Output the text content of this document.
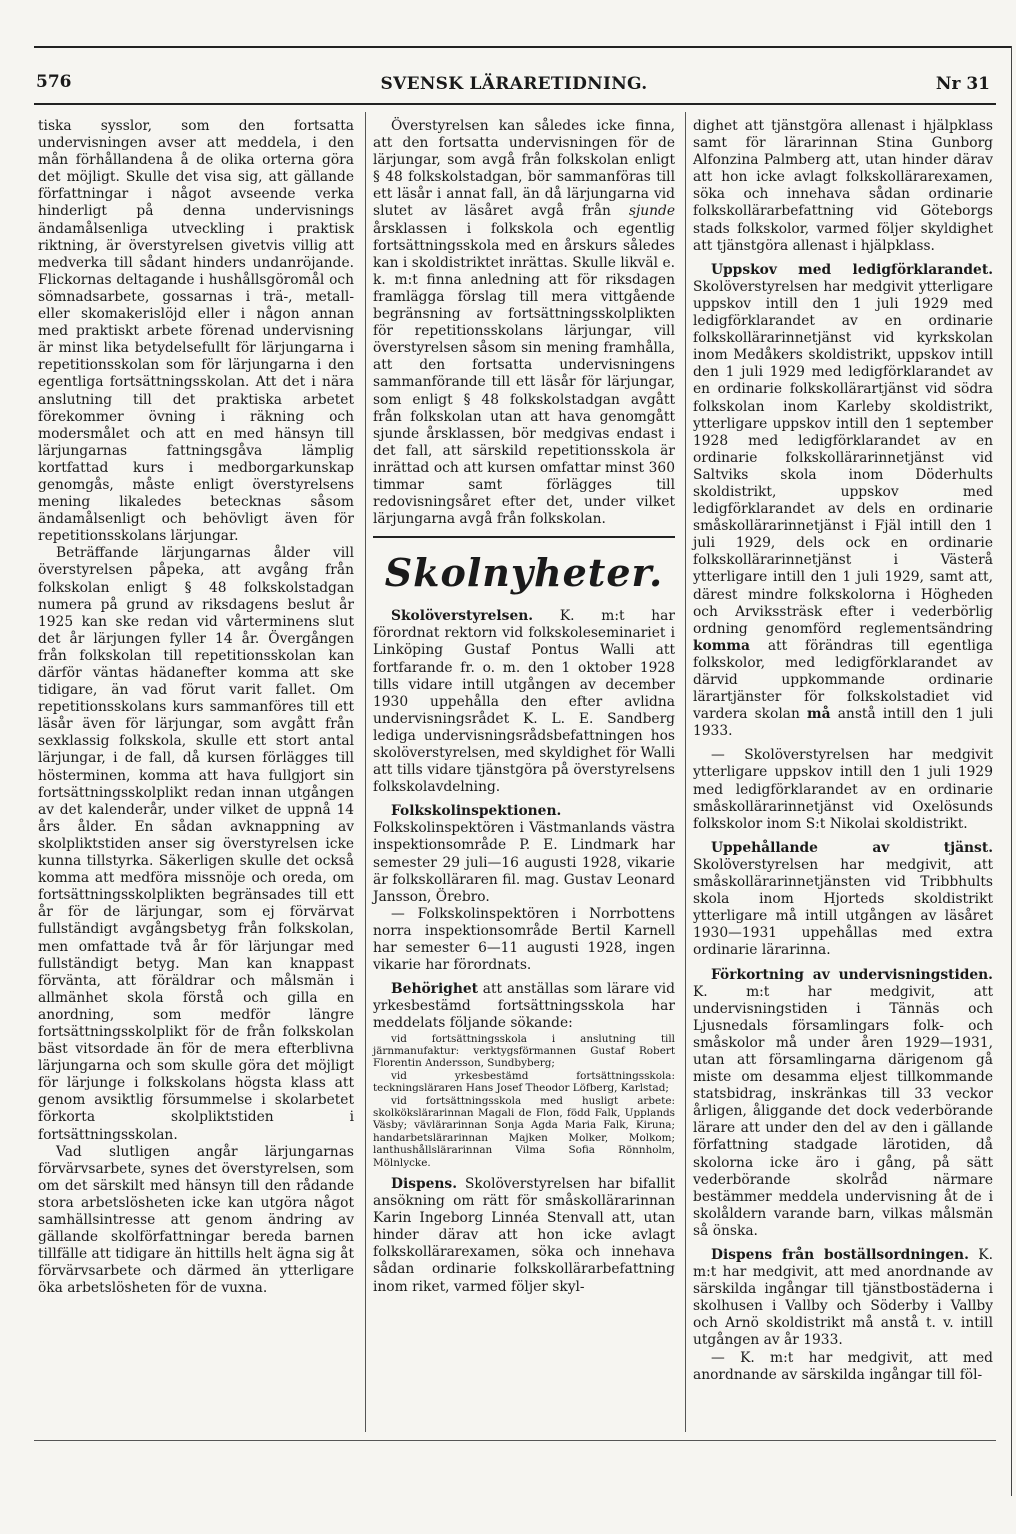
576	SVENSK LÄRARETIDNING.	Nr 31

tiska sysslor, som den fortsatta undervisningen avser att meddela, i den mån förhållandena å de olika orterna göra det möjligt. Skulle det visa sig, att gällande författningar i något avseende verka hinderligt på denna undervisnings ändamålsenliga utveckling i praktisk riktning, är överstyrelsen givetvis villig att medverka till sådant hinders undanröjande. Flickornas deltagande i hushållsgöromål och sömnadsarbete, gossarnas i trä-, metall- eller skomakerislöjd eller i någon annan med praktiskt arbete förenad undervisning är minst lika betydelsefullt för lärjungarna i repetitionsskolan som för lärjungarna i den egentliga fortsättningsskolan. Att det i nära anslutning till det praktiska arbetet förekommer övning i räkning och modersmålet och att en med hänsyn till lärjungarnas fattningsgåva lämplig kortfattad kurs i medborgarkunskap genomgås, måste enligt överstyrelsens mening likaledes betecknas såsom ändamålsenligt och behövligt även för repetitionsskolans lärjungar.

Beträffande lärjungarnas ålder vill överstyrelsen påpeka, att avgång från folkskolan enligt § 48 folkskolstadgan numera på grund av riksdagens beslut år 1925 kan ske redan vid vårterminens slut det år lärjungen fyller 14 år. Övergången från folkskolan till repetitionsskolan kan därför väntas hädanefter komma att ske tidigare, än vad förut varit fallet. Om repetitionsskolans kurs sammanföres till ett läsår även för lärjungar, som avgått från sexklassig folkskola, skulle ett stort antal lärjungar, i de fall, då kursen förlägges till hösterminen, komma att hava fullgjort sin fortsättningsskolplikt redan innan utgången av det kalenderår, under vilket de uppnå 14 års ålder. En sådan avknappning av skolpliktstiden anser sig överstyrelsen icke kunna tillstyrka. Säkerligen skulle det också komma att medföra missnöje och oreda, om fortsättningsskolplikten begränsades till ett år för de lärjungar, som ej förvärvat fullständigt avgångsbetyg från folkskolan, men omfattade två år för lärjungar med fullständigt betyg. Man kan knappast förvänta, att föräldrar och målsmän i allmänhet skola förstå och gilla en anordning, som medför längre fortsättningsskolplikt för de från folkskolan bäst vitsordade än för de mera efterblivna lärjungarna och som skulle göra det möjligt för lärjunge i folkskolans högsta klass att genom avsiktlig försummelse i skolarbetet förkorta skolpliktstiden i fortsättningsskolan.

Vad slutligen angår lärjungarnas förvärvsarbete, synes det överstyrelsen, som om det särskilt med hänsyn till den rådande stora arbetslösheten icke kan utgöra något samhällsintresse att genom ändring av gällande skolförfattningar bereda barnen tillfälle att tidigare än hittills helt ägna sig åt förvärvsarbete och därmed än ytterligare öka arbetslösheten för de vuxna.

Överstyrelsen kan således icke finna, att den fortsatta undervisningen för de lärjungar, som avgå från folkskolan enligt § 48 folkskolstadgan, bör sammanföras till ett läsår i annat fall, än då lärjungarna vid slutet av läsåret avgå från sjunde årsklassen i folkskola och egentlig fortsättningsskola med en årskurs således kan i skoldistriktet inrättas. Skulle likväl e. k. m:t finna anledning att för riksdagen framlägga förslag till mera vittgående begränsning av fortsättningsskolplikten för repetitionsskolans lärjungar, vill överstyrelsen såsom sin mening framhålla, att den fortsatta undervisningens sammanförande till ett läsår för lärjungar, som enligt § 48 folkskolstadgan avgått från folkskolan utan att hava genomgått sjunde årsklassen, bör medgivas endast i det fall, att särskild repetitionsskola är inrättad och att kursen omfattar minst 360 timmar samt förlägges till redovisningsåret efter det, under vilket lärjungarna avgå från folkskolan.

Skolnyheter.

Skolöverstyrelsen. K. m:t har förordnat rektorn vid folkskoleseminariet i Linköping Gustaf Pontus Walli att fortfarande fr. o. m. den 1 oktober 1928 tills vidare intill utgången av december 1930 uppehålla den efter avlidna undervisningsrådet K. L. E. Sandberg lediga undervisningsrådsbefattningen hos skolöverstyrelsen, med skyldighet för Walli att tills vidare tjänstgöra på överstyrelsens folkskolavdelning.

Folkskolinspektionen. Folkskolinspektören i Västmanlands västra inspektionsområde P. E. Lindmark har semester 29 juli—16 augusti 1928, vikarie är folkskolläraren fil. mag. Gustav Leonard Jansson, Örebro.

— Folkskolinspektören i Norrbottens norra inspektionsområde Bertil Karnell har semester 6—11 augusti 1928, ingen vikarie har förordnats.

Behörighet att anställas som lärare vid yrkesbestämd fortsättningsskola har meddelats följande sökande:

vid fortsättningsskola i anslutning till järnmanufaktur: verktygsförmannen Gustaf Robert Florentin Andersson, Sundbyberg;

vid yrkesbestämd fortsättningsskola: teckningsläraren Hans Josef Theodor Löfberg, Karlstad;

vid fortsättningsskola med husligt arbete: skolkökslärarinnan Magali de Flon, född Falk, Upplands Väsby; vävlärarinnan Sonja Agda Maria Falk, Kiruna; handarbetslärarinnan Majken Molker, Molkom; lanthushållslärarinnan Vilma Sofia Rönnholm, Mölnlycke.

Dispens. Skolöverstyrelsen har bifallit ansökning om rätt för småskollärarinnan Karin Ingeborg Linnéa Stenvall att, utan hinder därav att hon icke avlagt folkskollärarexamen, söka och innehava sådan ordinarie folkskollärarbefattning inom riket, varmed följer skyl-

dighet att tjänstgöra allenast i hjälpklass samt för lärarinnan Stina Gunborg Alfonzina Palmberg att, utan hinder därav att hon icke avlagt folkskollärarexamen, söka och innehava sådan ordinarie folkskollärarbefattning vid Göteborgs stads folkskolor, varmed följer skyldighet att tjänstgöra allenast i hjälpklass.

Uppskov med ledigförklarandet. Skolöverstyrelsen har medgivit ytterligare uppskov intill den 1 juli 1929 med ledigförklarandet av en ordinarie folkskollärarinnetjänst vid kyrkskolan inom Medåkers skoldistrikt, uppskov intill den 1 juli 1929 med ledigförklarandet av en ordinarie folkskollärartjänst vid södra folkskolan inom Karleby skoldistrikt, ytterligare uppskov intill den 1 september 1928 med ledigförklarandet av en ordinarie folkskollärarinnetjänst vid Saltviks skola inom Döderhults skoldistrikt, uppskov med ledigförklarandet av dels en ordinarie småskollärarinnetjänst i Fjäl intill den 1 juli 1929, dels ock en ordinarie folkskollärarinnetjänst i Västerå ytterligare intill den 1 juli 1929, samt att, därest mindre folkskolorna i Högheden och Arvikssträsk efter i vederbörlig ordning genomförd reglementsändring komma att förändras till egentliga folkskolor, med ledigförklarandet av därvid uppkommande ordinarie lärartjänster för folkskolstadiet vid vardera skolan må anstå intill den 1 juli 1933.

— Skolöverstyrelsen har medgivit ytterligare uppskov intill den 1 juli 1929 med ledigförklarandet av en ordinarie småskollärarinnetjänst vid Oxelösunds folkskolor inom S:t Nikolai skoldistrikt.

Uppehållande av tjänst. Skolöverstyrelsen har medgivit, att småskollärarinnetjänsten vid Tribbhults skola inom Hjorteds skoldistrikt ytterligare må intill utgången av läsåret 1930—1931 uppehållas med extra ordinarie lärarinna.

Förkortning av undervisningstiden. K. m:t har medgivit, att undervisningstiden i Tännäs och Ljusnedals församlingars folk- och småskolor må under åren 1929—1931, utan att församlingarna därigenom gå miste om desamma eljest tillkommande statsbidrag, inskränkas till 33 veckor årligen, åliggande det dock vederbörande lärare att under den del av den i gällande författning stadgade lärotiden, då skolorna icke äro i gång, på sätt vederbörande skolråd närmare bestämmer meddela undervisning åt de i skolåldern varande barn, vilkas målsmän så önska.

Dispens från boställsordningen. K. m:t har medgivit, att med anordnande av särskilda ingångar till tjänstbostäderna i skolhusen i Vallby och Söderby i Vallby och Arnö skoldistrikt må anstå t. v. intill utgången av år 1933.

— K. m:t har medgivit, att med anordnande av särskilda ingångar till föl-
